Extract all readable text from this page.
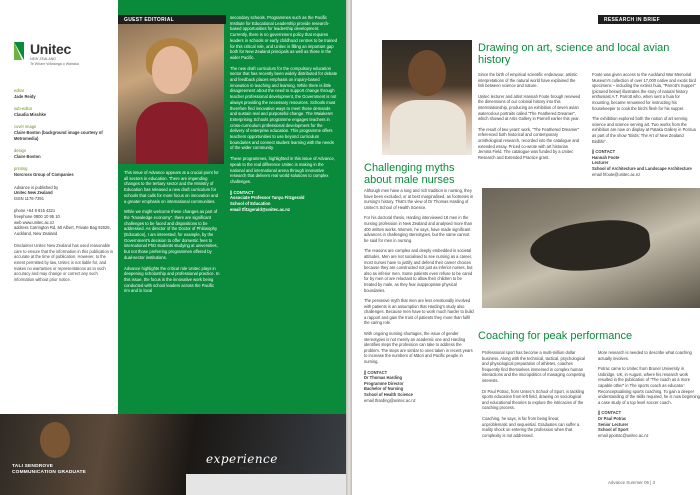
Unitec
NEW ZEALAND
Te Whare Wānanga o Wairaka
editor
Jade Reidy
sub-editor
Claudia Mischke
cover image
Claire Boston (background image courtesy of Metromedia)
design
Claire Boston
printing
Norcross Group of Companies
Advance is published by
Unitec New Zealand
ISSN 1176-7391
phone +64 9 815 4321
freephone 0800 10 95 10
web www.unitec.ac.nz
address Carrington Rd, Mt Albert, Private Bag 92025, Auckland, New Zealand
Disclaimer Unitec New Zealand has used reasonable care to ensure that the information in this publication is accurate at the time of publication. However, to the extent permitted by law, Unitec is not liable for, and makes no warranties or representations as to such accuracy and may change or correct any such information without prior notice.
GUEST EDITORIAL

This issue of Advance appears at a crucial point for all sectors in education. There are impending changes to the tertiary sector and the Ministry of Education has released a new draft curriculum for schools that calls for more focus on innovation and a greater emphasis on international communities.

While we might welcome these changes as part of the "knowledge economy", there are significant challenges to be faced and dispositions to be addressed. As director of the Doctor of Philosophy (Education), I am interested, for example, by the Government's decision to offer domestic fees to international PhD students studying at universities, but not those preferring programmes offered by dual-sector institutions.

Advance highlights the critical role Unitec plays in deepening scholarship and professional practice. In this issue, the focus is the innovative work being conducted with school leaders across the Pacific rim and in local

secondary schools. Programmes such as the Pacific Institute for Educational Leadership provide research-based opportunities for leadership development. Currently, there is no government policy that requires leaders in schools or early childhood centres to be trained for this critical role, and Unitec is filling an important gap both for New Zealand principals as well as those in the wider Pacific.

The new draft curriculum for the compulsory education sector that has recently been widely distributed for debate and feedback places emphasis on inquiry-based innovation in teaching and learning. While there is little disagreement about the need to support change through teacher professional development, the Government is not always providing the necessary resources. Schools must therefore find innovative ways to meet those demands and sustain real and purposeful change. The Waiakeret Enterprising Schools programme engages teachers in cross-curriculum professional development for the delivery of enterprise education. This programme offers teachers opportunities to use beyond curriculum boundaries and connect student learning with the needs of the wider community.

These programmes, highlighted in this issue of Advance, speak to the real difference Unitec is making in the national and international arena through innovative research that delivers real world solutions to complex challenges.

|| CONTACT
Associate Professor Tanya Fitzgerald
School of Education
email tfitzgerald@unitec.ac.nz
TALI SENDROVE
COMMUNICATION GRADUATE
experience
REAL WORLD LEARNING
RESEARCH IN BRIEF
Drawing on art, science and local avian history

Since the birth of empirical scientific endeavour, artistic interpretations of the natural world have explained the link between science and nature.

Unitec lecturer and artist Hannah Foote brough renewed the dimensions of our colonial history into this interrelationship, producing an exhibition of seven avian watercolour portraits called "The Feathered Dreamer", which showed at Artis Gallery in Parnell earlier this year.

The result of two years' work, "The Feathered Dreamer" referenced both historical and contemporary ornithological research, recorded into the catalogue and extended essay. Priced co-wrote with art historian Jemma Field. The catalogue was funded by a Unitec Research and Extended Practice grant.

Foote was given access to the Auckland War Memorial Museum's collection of over 17,000 native and exotic bird specimens – including the extinct huia, "Parrott's Supper" (pictured below) illustrates the story of natural history enthusiast A.T. Parrott who, when sent a huia for mounting, became renowned for instructing his housekeeper to cook the bird's flesh for his supper.

The exhibition explored both the notion of art serving science and science serving art. Two works from the exhibition are now on display at Pataka Gallery in Porirua as part of the show "Birds: The Art of New Zealand Birdlife".

|| CONTACT
Hannah Foote
Lecturer
School of Architecture and Landscape Architecture
email hfoote@unitec.ac.nz
Challenging myths about male nurses

Although men have a long and rich tradition in nursing, they have been excluded, or at best marginalised, as footnotes in nursing's history. That's the view of Dr Thomas Harding of Unitec's School of Health Science.

For his doctoral thesis, Harding interviewed 18 men in the nursing profession in New Zealand and analysed more than 400 written works. Women, he says, have made significant advances in challenging stereotypes, but the same cannot be said for men in nursing.

The reasons are complex and deeply embedded in societal attitudes. Men are not socialised to see nursing as a career, most nurses have to justify and defend their career choices because they are constructed not just as inferior nurses, but also as inferior men. Some patients even refuse to be cared for by men or are reluctant to allow their children to be treated by male, as they fear inappropriate physical boundaries.

The pervasive myth that men are less emotionally involved with patients is an assumption that Harding's study also challenges. Because men have to work much harder to build a rapport and gain the trust of patients they more than fulfil the caring role.

With ongoing nursing shortages, the issue of gender stereotypes is not merely an academic one and Harding identifies steps the profession can take to address the problem. The steps are similar to ones taken in recent years to increase the numbers of Māori and Pacific people in nursing.

|| CONTACT
Dr Thomas Harding
Programme Director
Bachelor of Nursing
School of Health Science
email tharding@unitec.ac.nz
Coaching for peak performance

Professional sport has become a multi-million dollar business. Along with the technical, tactical, psychological and physiological preparation of athletes, coaches frequently find themselves immersed in complex human interactions and the micropolitics of managing competing interests.

Dr Paul Potrac, from Unitec's School of Sport, is tackling sports education from left field, drawing on sociological and educational theories to explore the intricacies of the coaching process.

Coaching, he says, is far from being linear, unproblematic and sequential. Graduates can suffer a reality shock on entering the profession when that complexity is not addressed.

More research is needed to describe what coaching actually involves.

Potrac came to Unitec from Brunel University in Uxbridge, UK, in August, where his research work resulted in the publication of "The coach as a more capable other" in The sports coach as educator: Reconceptualising sports coaching. To gain a deeper understanding of the skills required, he is now beginning a case study of a top level soccer coach.

|| CONTACT
Dr Paul Potrac
Senior Lecturer
School of Sport
email ppotrac@unitec.ac.nz
Advance Summer 06 | 3
